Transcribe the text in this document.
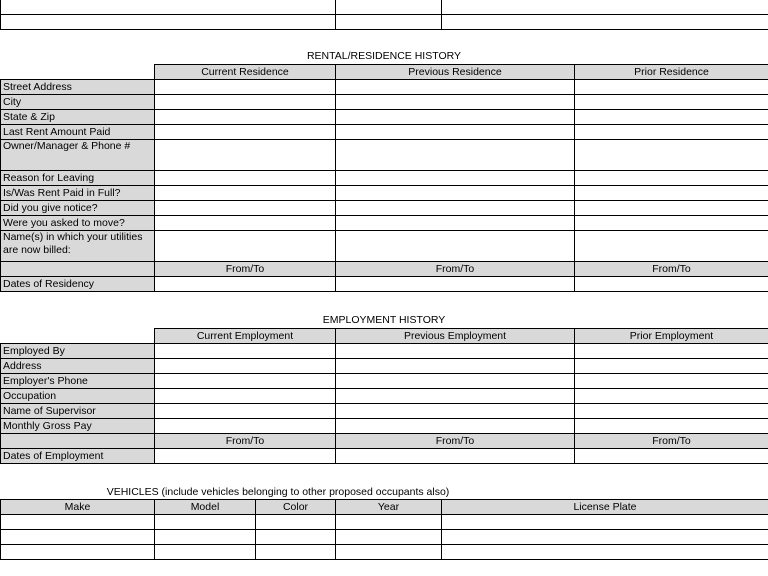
RENTAL/RESIDENCE HISTORY
	Current Residence	Previous Residence	Prior Residence
Street Address			
City			
State & Zip			
Last Rent Amount Paid			
Owner/Manager & Phone #			
Reason for Leaving			
Is/Was Rent Paid in Full?			
Did you give notice?			
Were you asked to move?			
Name(s) in which your utilities are now billed:			
	From/To	From/To	From/To
Dates of Residency			
EMPLOYMENT HISTORY
	Current Employment	Previous Employment	Prior Employment
Employed By			
Address			
Employer's Phone			
Occupation			
Name of Supervisor			
Monthly Gross Pay			
	From/To	From/To	From/To
Dates of Employment			
VEHICLES (include vehicles belonging to other proposed occupants also)
Make	Model	Color	Year	License Plate
